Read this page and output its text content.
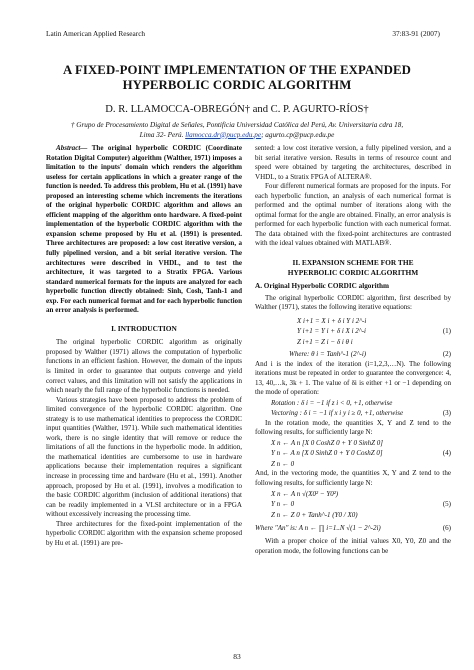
Latin American Applied Research	37:83-91 (2007)
A FIXED-POINT IMPLEMENTATION OF THE EXPANDED
HYPERBOLIC CORDIC ALGORITHM
D. R. LLAMOCCA-OBREGÓN† and C. P. AGURTO-RÍOS†
† Grupo de Procesamiento Digital de Señales, Pontificia Universidad Católica del Perú, Av. Universitaria cdra 18,
Lima 32- Perú. llamocca.dr@pucp.edu.pe; agurto.cp@pucp.edu.pe

Abstract— The original hyperbolic CORDIC (Coordinate Rotation Digital Computer) algorithm (Walther, 1971) imposes a limitation to the inputs' domain which renders the algorithm useless for certain applications in which a greater range of the function is needed. To address this problem, Hu et al. (1991) have proposed an interesting scheme which increments the iterations of the original hyperbolic CORDIC algorithm and allows an efficient mapping of the algorithm onto hardware. A fixed-point implementation of the hyperbolic CORDIC algorithm with the expansion scheme proposed by Hu et al. (1991) is presented. Three architectures are proposed: a low cost iterative version, a fully pipelined version, and a bit serial iterative version. The architectures were described in VHDL, and to test the architecture, it was targeted to a Stratix FPGA. Various standard numerical formats for the inputs are analyzed for each hyperbolic function directly obtained: Sinh, Cosh, Tanh-1 and exp. For each numerical format and for each hyperbolic function an error analysis is performed.

I. INTRODUCTION

The original hyperbolic CORDIC algorithm as originally proposed by Walther (1971) allows the computation of hyperbolic functions in an efficient fashion. However, the domain of the inputs is limited in order to guarantee that outputs converge and yield correct values, and this limitation will not satisfy the applications in which nearly the full range of the hyperbolic functions is needed.

Various strategies have been proposed to address the problem of limited convergence of the hyperbolic CORDIC algorithm. One strategy is to use mathematical identities to preprocess the CORDIC input quantities (Walther, 1971). While such mathematical identities work, there is no single identity that will remove or reduce the limitations of all the functions in the hyperbolic mode. In addition, the mathematical identities are cumbersome to use in hardware applications because their implementation requires a significant increase in processing time and hardware (Hu et al., 1991). Another approach, proposed by Hu et al. (1991), involves a modification to the basic CORDIC algorithm (inclusion of additional iterations) that can be readily implemented in a VLSI architecture or in a FPGA without excessively increasing the processing time.

Three architectures for the fixed-point implementation of the hyperbolic CORDIC algorithm with the expansion scheme proposed by Hu et al. (1991) are pre-

sented: a low cost iterative version, a fully pipelined version, and a bit serial iterative version. Results in terms of resource count and speed were obtained by targeting the architectures, described in VHDL, to a Stratix FPGA of ALTERA®.

Four different numerical formats are proposed for the inputs. For each hyperbolic function, an analysis of each numerical format is performed and the optimal number of iterations along with the optimal format for the angle are obtained. Finally, an error analysis is performed for each hyperbolic function with each numerical format. The data obtained with the fixed-point architectures are contrasted with the ideal values obtained with MATLAB®.

II. EXPANSION SCHEME FOR THE
HYPERBOLIC CORDIC ALGORITHM
A. Original Hyperbolic CORDIC algorithm

The original hyperbolic CORDIC algorithm, first described by Walther (1971), states the following iterative equations:

X i+1 = X i + δ i Y i 2^-i
Y i+1 = Y i + δ i X i 2^-i	(1)
Z i+1 = Z i − δ i θ i
Where: θ i = Tanh^-1 (2^-i)	(2)

And i is the index of the iteration (i=1,2,3,…N). The following iterations must be repeated in order to guarantee the convergence: 4, 13, 40,…k, 3k + 1. The value of δi is either +1 or −1 depending on the mode of operation:

Rotation : δ i = −1 if z i < 0, +1, otherwise
Vectoring : δ i = −1 if x i y i ≥ 0, +1, otherwise	(3)

In the rotation mode, the quantities X, Y and Z tend to the following results, for sufficiently large N:

X n ← A n [X 0 CoshZ 0 + Y 0 SinhZ 0]
Y n ← A n [X 0 SinhZ 0 + Y 0 CoshZ 0]	(4)
Z n ← 0

And, in the vectoring mode, the quantities X, Y and Z tend to the following results, for sufficiently large N:

X n ← A n √(X0² − Y0²)
Y n ← 0	(5)
Z n ← Z 0 + Tanh^-1 (Y0 / X0)
Where "An" is: A n ← ∏ i=1..N √(1 − 2^-2i)	(6)

With a proper choice of the initial values X0, Y0, Z0 and the operation mode, the following functions can be

83
